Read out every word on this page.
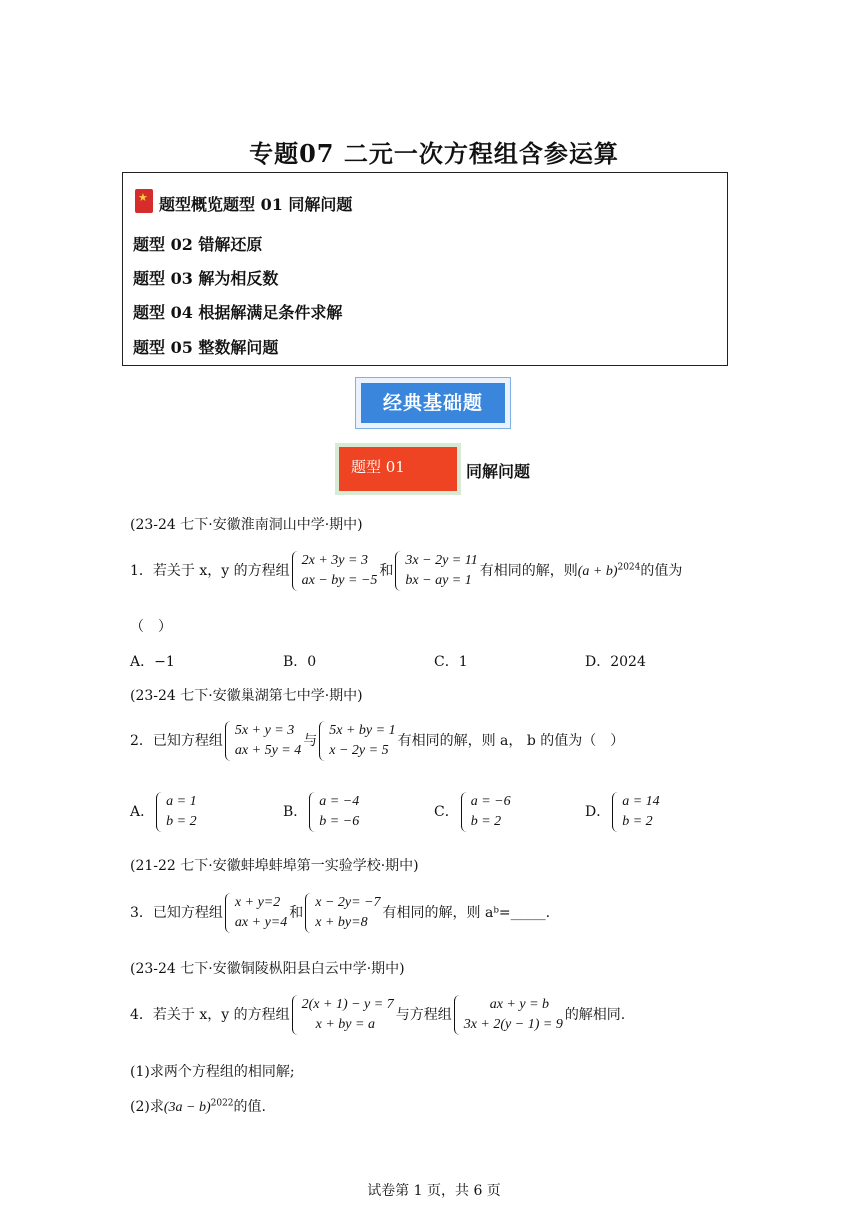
专题07 二元一次方程组含参运算
★
题型概览题型 01 同解问题
题型 02 错解还原
题型 03 解为相反数
题型 04 根据解满足条件求解
题型 05 整数解问题
经典基础题
题型 01	同解问题
(23-24 七下·安徽淮南洞山中学·期中)
1．若关于 x，y 的方程组
2x + 3y = 3
ax − by = −5
和
3x − 2y = 11
bx − ay = 1
有相同的解，则$(a + b)^{2024}$的值为
（　）
A．−1	B．0	C．1	D．2024
(23-24 七下·安徽巢湖第七中学·期中)
2．已知方程组
5x + y = 3
ax + 5y = 4
与
5x + by = 1
x − 2y = 5
有相同的解，则 a， b 的值为（　）
A．
a = 1
b = 2
B．
a = −4
b = −6
C．
a = −6
b = 2
D．
a = 14
b = 2
(21-22 七下·安徽蚌埠蚌埠第一实验学校·期中)
3．已知方程组
x + y=2
ax + y=4
和
x − 2y= −7
x + by=8
有相同的解，则 aᵇ=_____.
(23-24 七下·安徽铜陵枞阳县白云中学·期中)
4．若关于 x，y 的方程组
2(x + 1) − y = 7
x + by = a
与方程组
ax + y = b
3x + 2(y − 1) = 9
的解相同.
(1)求两个方程组的相同解;
(2)求$(3a - b)^{2022}$的值.
试卷第 1 页，共 6 页
